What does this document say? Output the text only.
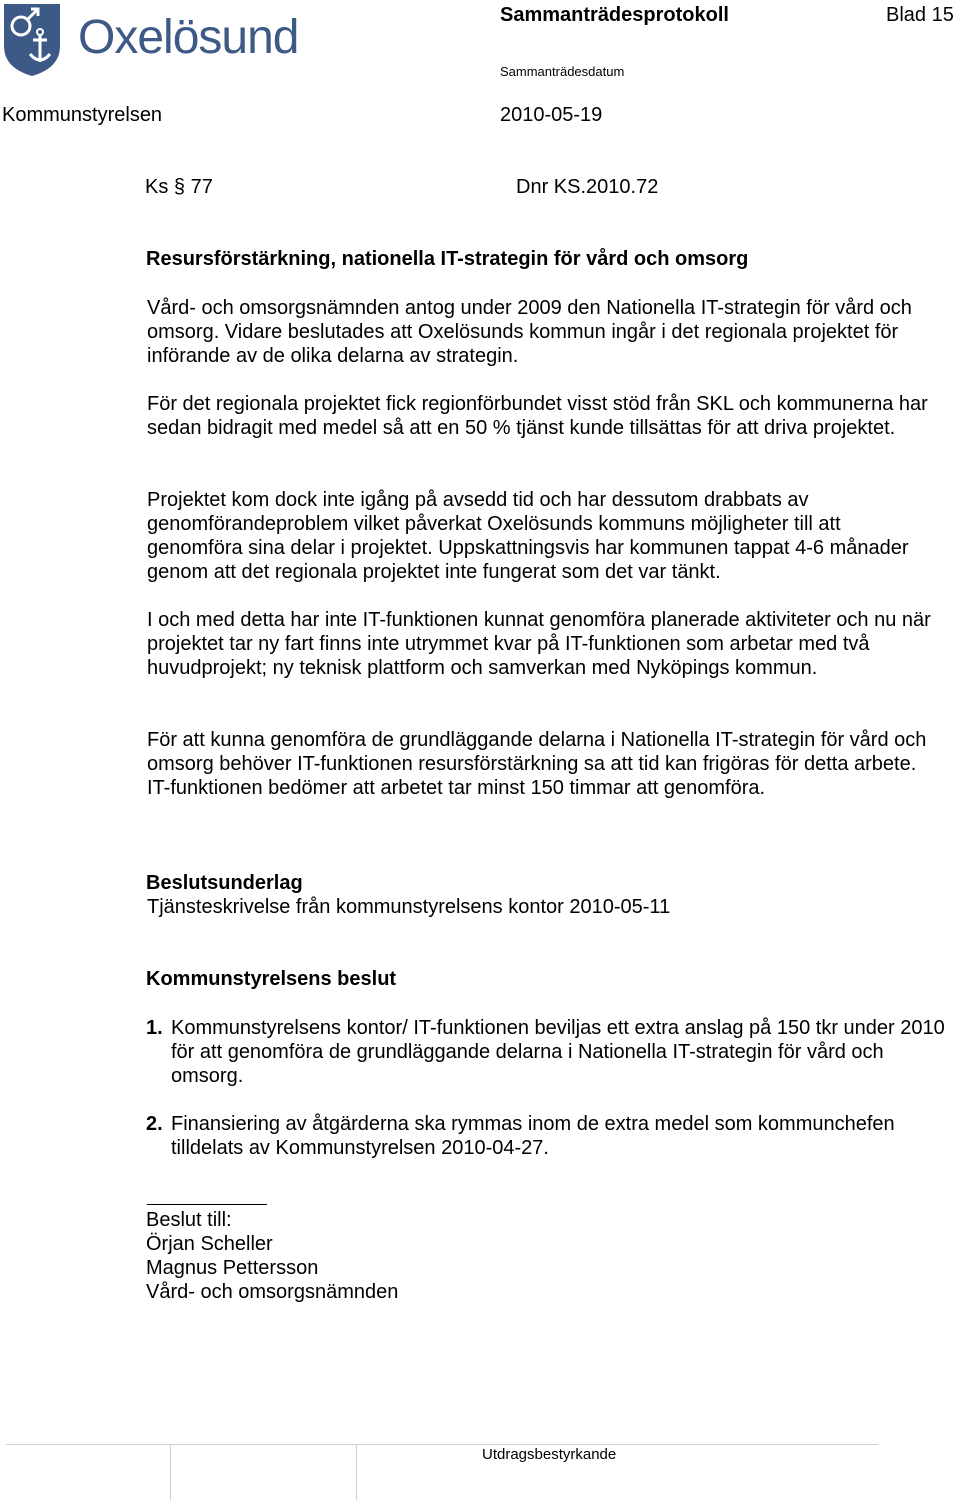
Oxelösund	Sammanträdesprotokoll	Blad 15
Sammanträdesdatum
Kommunstyrelsen	2010-05-19
Ks § 77	Dnr KS.2010.72
Resursförstärkning, nationella IT-strategin för vård och omsorg

Vård- och omsorgsnämnden antog under 2009 den Nationella IT-strategin för vård och omsorg. Vidare beslutades att Oxelösunds kommun ingår i det regionala projektet för införande av de olika delarna av strategin.

För det regionala projektet fick regionförbundet visst stöd från SKL och kommunerna har sedan bidragit med medel så att en 50 % tjänst kunde tillsättas för att driva projektet.

Projektet kom dock inte igång på avsedd tid och har dessutom drabbats av genomförandeproblem vilket påverkat Oxelösunds kommuns möjligheter till att genomföra sina delar i projektet. Uppskattningsvis har kommunen tappat 4-6 månader genom att det regionala projektet inte fungerat som det var tänkt.

I och med detta har inte IT-funktionen kunnat genomföra planerade aktiviteter och nu när projektet tar ny fart finns inte utrymmet kvar på IT-funktionen som arbetar med två huvudprojekt; ny teknisk plattform och samverkan med Nyköpings kommun.

För att kunna genomföra de grundläggande delarna i Nationella IT-strategin för vård och omsorg behöver IT-funktionen resursförstärkning sa att tid kan frigöras för detta arbete. IT-funktionen bedömer att arbetet tar minst 150 timmar att genomföra.

Beslutsunderlag
Tjänsteskrivelse från kommunstyrelsens kontor 2010-05-11
Kommunstyrelsens beslut
1. Kommunstyrelsens kontor/ IT-funktionen beviljas ett extra anslag på 150 tkr under 2010 för att genomföra de grundläggande delarna i Nationella IT-strategin för vård och omsorg.
2. Finansiering av åtgärderna ska rymmas inom de extra medel som kommunchefen tilldelats av Kommunstyrelsen 2010-04-27.
Beslut till:
Örjan Scheller
Magnus Pettersson
Vård- och omsorgsnämnden
Utdragsbestyrkande
